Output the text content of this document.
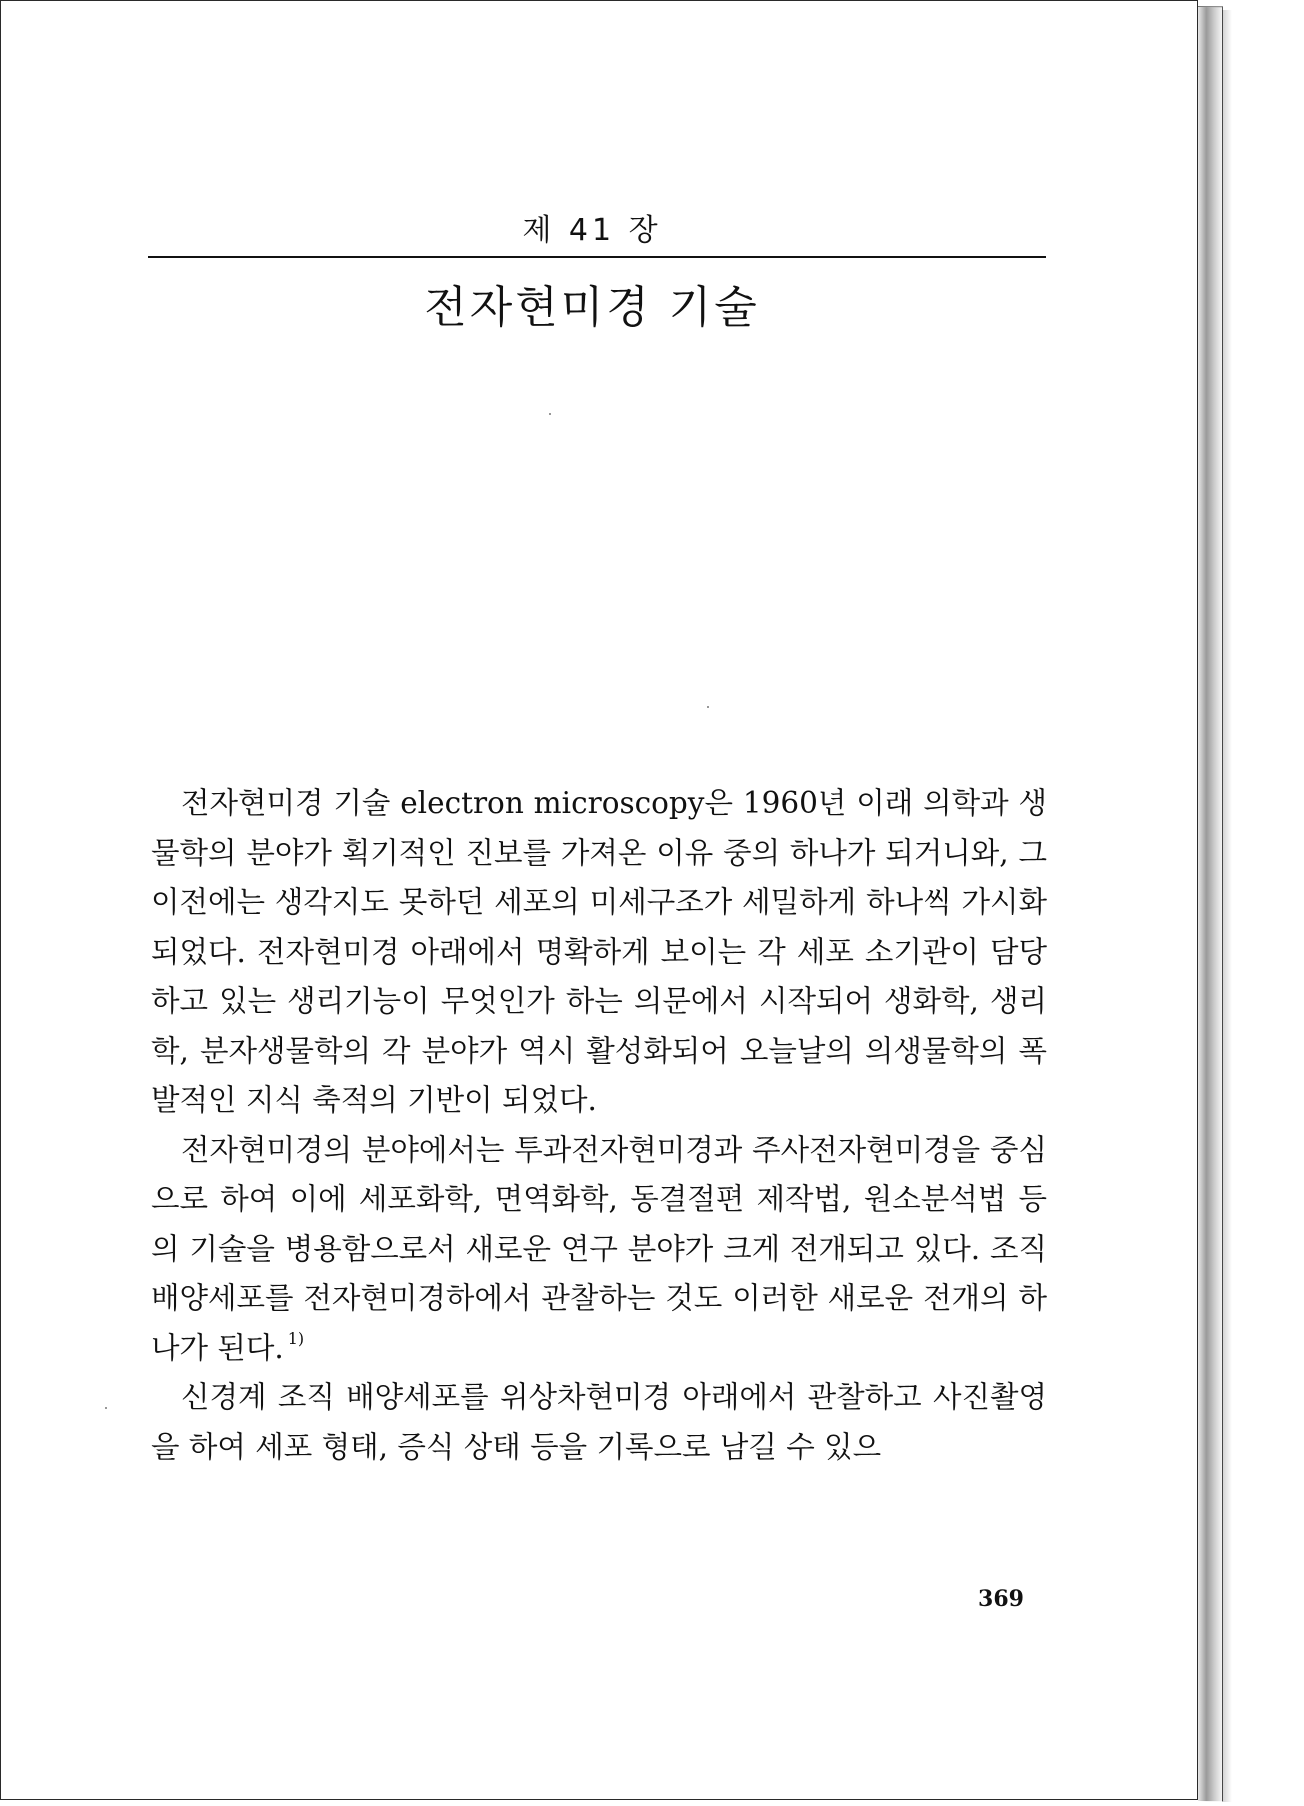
제 41 장
전자현미경 기술

전자현미경 기술 electron microscopy은 1960년 이래 의학과 생물학의 분야가 획기적인 진보를 가져온 이유 중의 하나가 되거니와, 그 이전에는 생각지도 못하던 세포의 미세구조가 세밀하게 하나씩 가시화되었다. 전자현미경 아래에서 명확하게 보이는 각 세포 소기관이 담당하고 있는 생리기능이 무엇인가 하는 의문에서 시작되어 생화학, 생리학, 분자생물학의 각 분야가 역시 활성화되어 오늘날의 의생물학의 폭발적인 지식 축적의 기반이 되었다.

전자현미경의 분야에서는 투과전자현미경과 주사전자현미경을 중심으로 하여 이에 세포화학, 면역화학, 동결절편 제작법, 원소분석법 등의 기술을 병용함으로서 새로운 연구 분야가 크게 전개되고 있다. 조직배양세포를 전자현미경하에서 관찰하는 것도 이러한 새로운 전개의 하나가 된다. $^{1)}$

신경계 조직 배양세포를 위상차현미경 아래에서 관찰하고 사진촬영을 하여 세포 형태, 증식 상태 등을 기록으로 남길 수 있으

369
